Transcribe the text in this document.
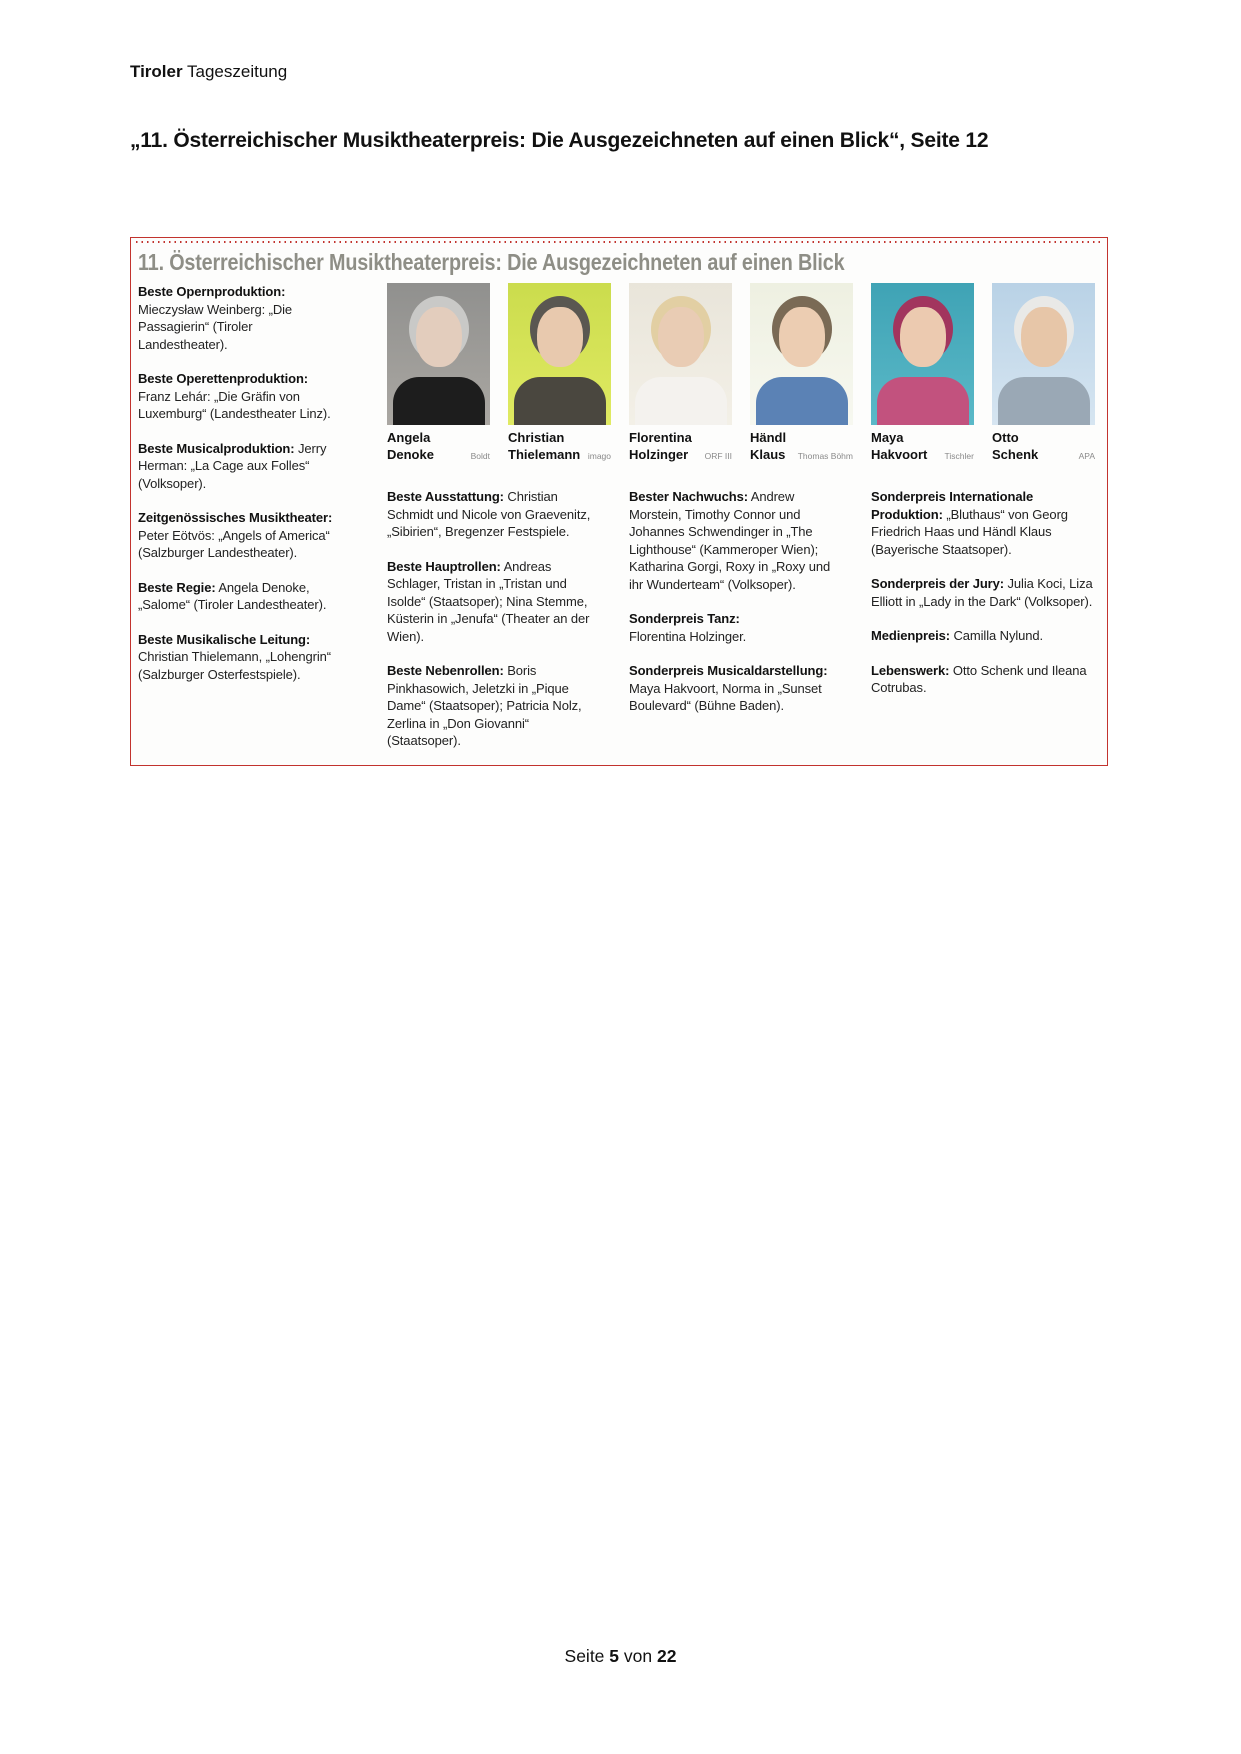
Tiroler Tageszeitung
„11. Österreichischer Musiktheaterpreis: Die Ausgezeichneten auf einen Blick“, Seite 12
11. Österreichischer Musiktheaterpreis: Die Ausgezeichneten auf einen Blick

Beste Opernproduktion:
Mieczysław Weinberg: „Die Passagierin“ (Tiroler Landestheater).

Beste Operettenproduktion: Franz Lehár: „Die Gräfin von Luxemburg“ (Landestheater Linz).

Beste Musicalproduktion: Jerry Herman: „La Cage aux Folles“ (Volksoper).

Zeitgenössisches Musiktheater: Peter Eötvös: „Angels of America“ (Salzburger Landestheater).

Beste Regie: Angela Denoke, „Salome“ (Tiroler Landestheater).

Beste Musikalische Leitung: Christian Thielemann, „Lohengrin“ (Salzburger Osterfestspiele).

Angela
Denoke	Boldt
Christian
Thielemann imago
Florentina
Holzinger ORF III
Händl
Klaus Thomas Böhm
Maya
Hakvoort Tischler
Otto
Schenk	APA

Beste Ausstattung: Christian Schmidt und Nicole von Graevenitz, „Sibirien“, Bregenzer Festspiele.

Beste Hauptrollen: Andreas Schlager, Tristan in „Tristan und Isolde“ (Staatsoper); Nina Stemme, Küsterin in „Jenufa“ (Theater an der Wien).

Beste Nebenrollen: Boris Pinkhasowich, Jeletzki in „Pique Dame“ (Staatsoper); Patricia Nolz, Zerlina in „Don Giovanni“ (Staatsoper).

Bester Nachwuchs: Andrew Morstein, Timothy Connor und Johannes Schwendinger in „The Lighthouse“ (Kammeroper Wien); Katharina Gorgi, Roxy in „Roxy und ihr Wunderteam“ (Volksoper).

Sonderpreis Tanz:
Florentina Holzinger.

Sonderpreis Musicaldarstellung: Maya Hakvoort, Norma in „Sunset Boulevard“ (Bühne Baden).

Sonderpreis Internationale Produktion: „Bluthaus“ von Georg Friedrich Haas und Händl Klaus (Bayerische Staatsoper).

Sonderpreis der Jury: Julia Koci, Liza Elliott in „Lady in the Dark“ (Volksoper).

Medienpreis: Camilla Nylund.

Lebenswerk: Otto Schenk und Ileana Cotrubas.

Seite 5 von 22
